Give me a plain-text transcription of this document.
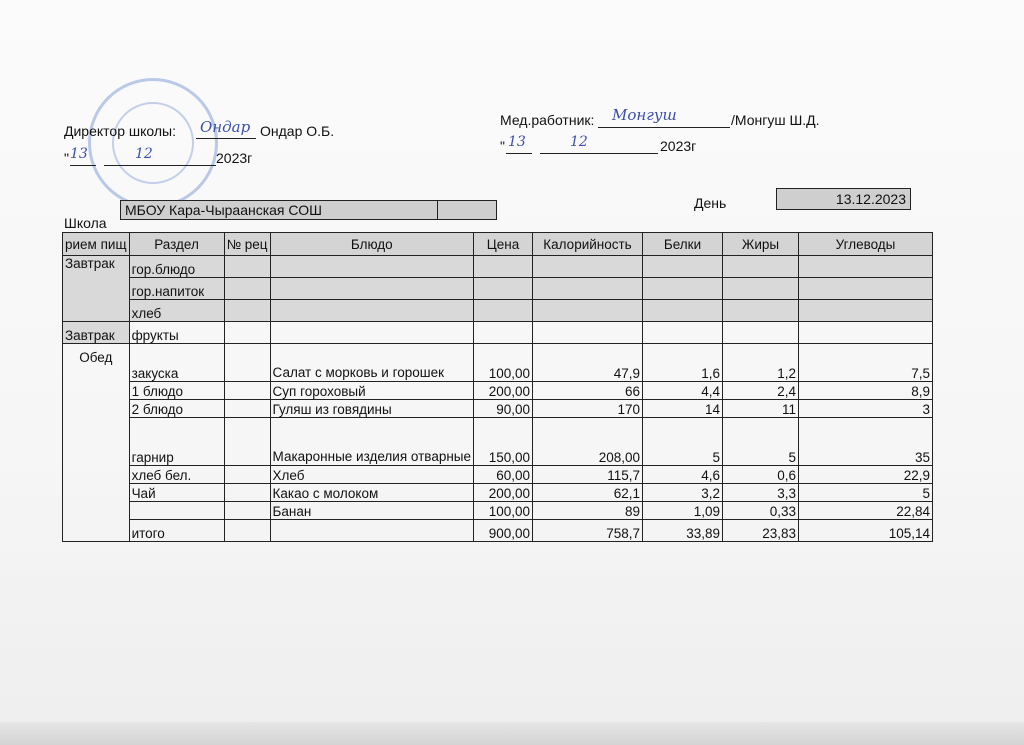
Директор школы: Ондар Ондар О.Б.
" 13	12	2023г
Мед.работник: Монгуш	/Монгуш Ш.Д.
" 13	12	2023г
Школа
МБОУ Кара-Чыраанская СОШ	День	13.12.2023
рием пищ	Раздел	№ рец	Блюдо	Цена	Калорийность	Белки	Жиры	Углеводы
Завтрак	гор.блюдо							
	гор.напиток							
	хлеб							
Завтрак	фрукты							
Обед	закуска		Салат с морковь и горошек	100,00	47,9	1,6	1,2	7,5
	1 блюдо		Суп гороховый	200,00	66	4,4	2,4	8,9
	2 блюдо		Гуляш из говядины	90,00	170	14	11	3
	гарнир		Макаронные изделия отварные	150,00	208,00	5	5	35
	хлеб бел.		Хлеб	60,00	115,7	4,6	0,6	22,9
	Чай		Какао с молоком	200,00	62,1	3,2	3,3	5
			Банан	100,00	89	1,09	0,33	22,84
	итого			900,00	758,7	33,89	23,83	105,14
